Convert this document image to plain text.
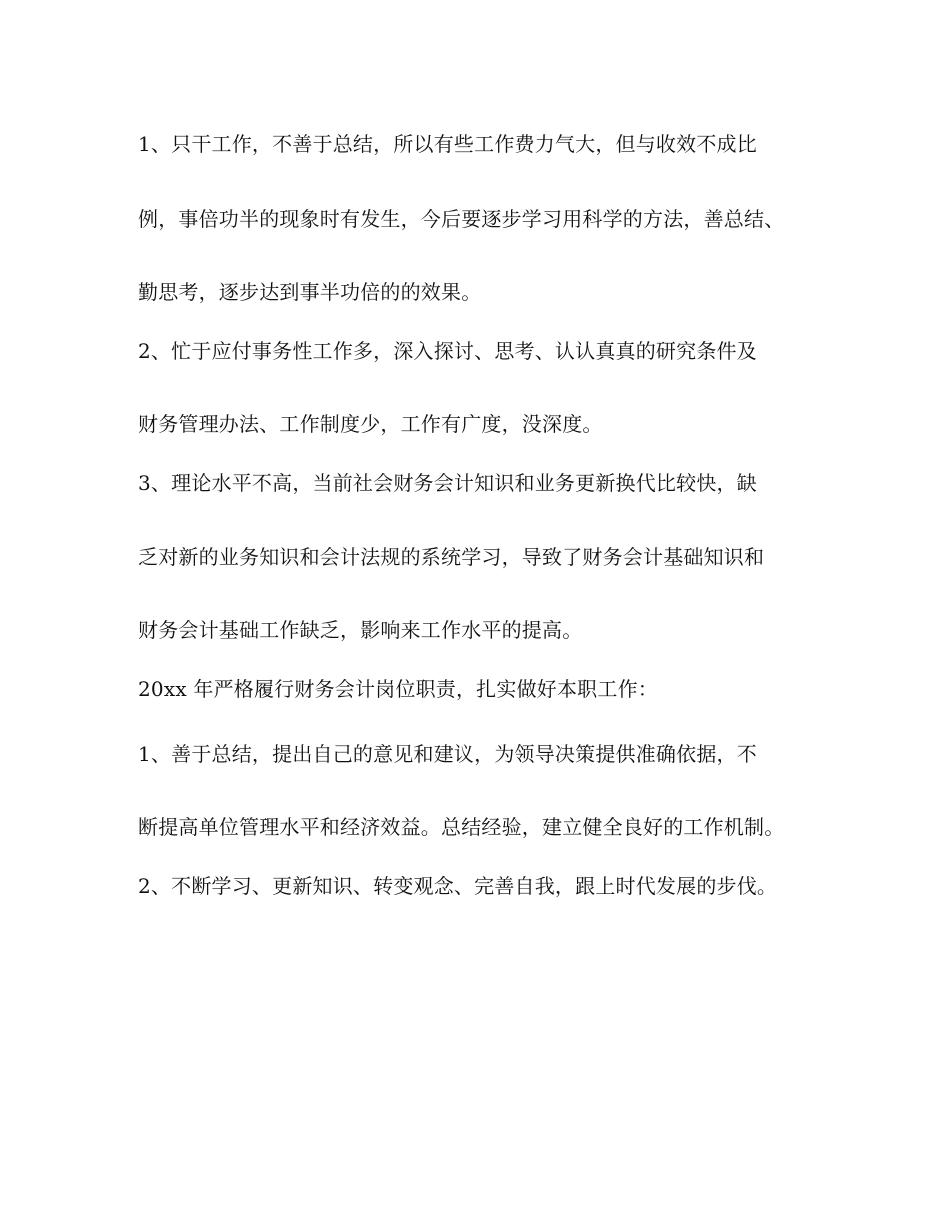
1、只干工作，不善于总结，所以有些工作费力气大，但与收效不成比
例，事倍功半的现象时有发生，今后要逐步学习用科学的方法，善总结、
勤思考，逐步达到事半功倍的的效果。
2、忙于应付事务性工作多，深入探讨、思考、认认真真的研究条件及
财务管理办法、工作制度少，工作有广度，没深度。
3、理论水平不高，当前社会财务会计知识和业务更新换代比较快，缺
乏对新的业务知识和会计法规的系统学习，导致了财务会计基础知识和
财务会计基础工作缺乏，影响来工作水平的提高。
20xx 年严格履行财务会计岗位职责，扎实做好本职工作：
1、善于总结，提出自己的意见和建议，为领导决策提供准确依据，不
断提高单位管理水平和经济效益。总结经验，建立健全良好的工作机制。
2、不断学习、更新知识、转变观念、完善自我，跟上时代发展的步伐。
